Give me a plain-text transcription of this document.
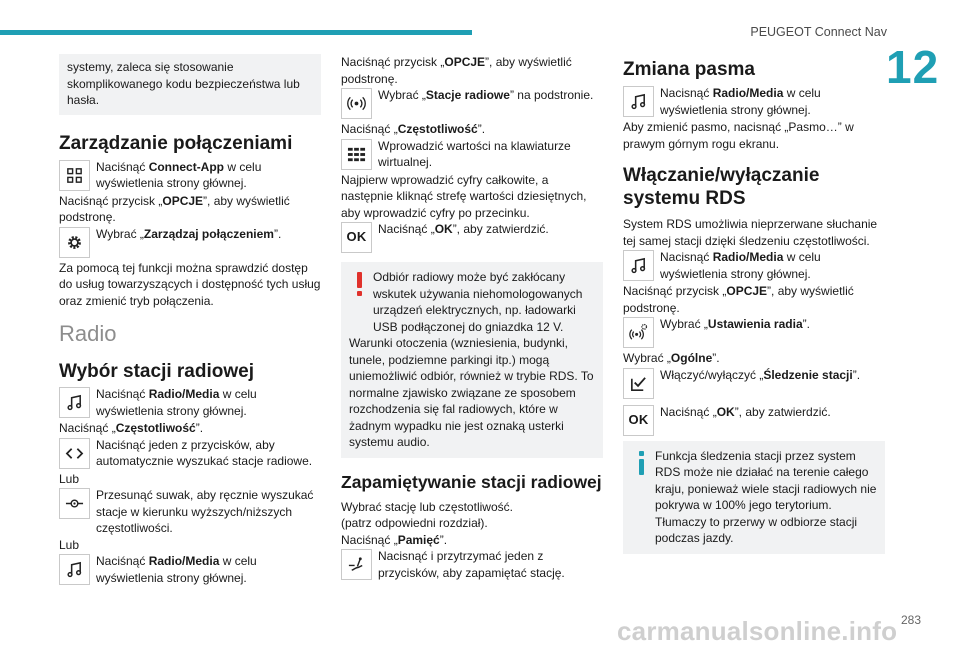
PEUGEOT Connect Nav
12

systemy, zaleca się stosowanie skomplikowanego kodu bezpieczeństwa lub hasła.

Zarządzanie połączeniami

Naciśnąć Connect-App w celu wyświetlenia strony głównej.

Naciśnąć przycisk „OPCJE”, aby wyświetlić podstronę.

Wybrać „Zarządzaj połączeniem”.

Za pomocą tej funkcji można sprawdzić dostęp do usług towarzyszących i dostępność tych usług oraz zmienić tryb połączenia.

Radio
Wybór stacji radiowej

Naciśnąć Radio/Media w celu wyświetlenia strony głównej.

Naciśnąć „Częstotliwość”.

Naciśnąć jeden z przycisków, aby automatycznie wyszukać stacje radiowe.

Lub

Przesunąć suwak, aby ręcznie wyszukać stacje w kierunku wyższych/niższych częstotliwości.

Lub

Naciśnąć Radio/Media w celu wyświetlenia strony głównej.

Naciśnąć przycisk „OPCJE”, aby wyświetlić podstronę.

Wybrać „Stacje radiowe” na podstronie.

Naciśnąć „Częstotliwość”.

Wprowadzić wartości na klawiaturze wirtualnej.

Najpierw wprowadzić cyfry całkowite, a następnie kliknąć strefę wartości dziesiętnych, aby wprowadzić cyfry po przecinku.

OK

Naciśnąć „OK”, aby zatwierdzić.

Odbiór radiowy może być zakłócany wskutek używania niehomologowanych urządzeń elektrycznych, np. ładowarki USB podłączonej do gniazdka 12 V.

Warunki otoczenia (wzniesienia, budynki, tunele, podziemne parkingi itp.) mogą uniemożliwić odbiór, również w trybie RDS. To normalne zjawisko związane ze sposobem rozchodzenia się fal radiowych, które w żadnym wypadku nie jest oznaką usterki systemu audio.

Zapamiętywanie stacji radiowej

Wybrać stację lub częstotliwość.

(patrz odpowiedni rozdział).

Naciśnąć „Pamięć”.

Nacisnąć i przytrzymać jeden z przycisków, aby zapamiętać stację.

Zmiana pasma

Nacisnąć Radio/Media w celu wyświetlenia strony głównej.

Aby zmienić pasmo, nacisnąć „Pasmo…” w prawym górnym rogu ekranu.

Włączanie/wyłączanie systemu RDS

System RDS umożliwia nieprzerwane słuchanie tej samej stacji dzięki śledzeniu częstotliwości.

Nacisnąć Radio/Media w celu wyświetlenia strony głównej.

Naciśnąć przycisk „OPCJE”, aby wyświetlić podstronę.

Wybrać „Ustawienia radia”.

Wybrać „Ogólne”.

Włączyć/wyłączyć „Śledzenie stacji”.

OK

Naciśnąć „OK”, aby zatwierdzić.

Funkcja śledzenia stacji przez system RDS może nie działać na terenie całego kraju, ponieważ wiele stacji radiowych nie pokrywa w 100% jego terytorium. Tłumaczy to przerwy w odbiorze stacji podczas jazdy.

283
carmanualsonline.info
